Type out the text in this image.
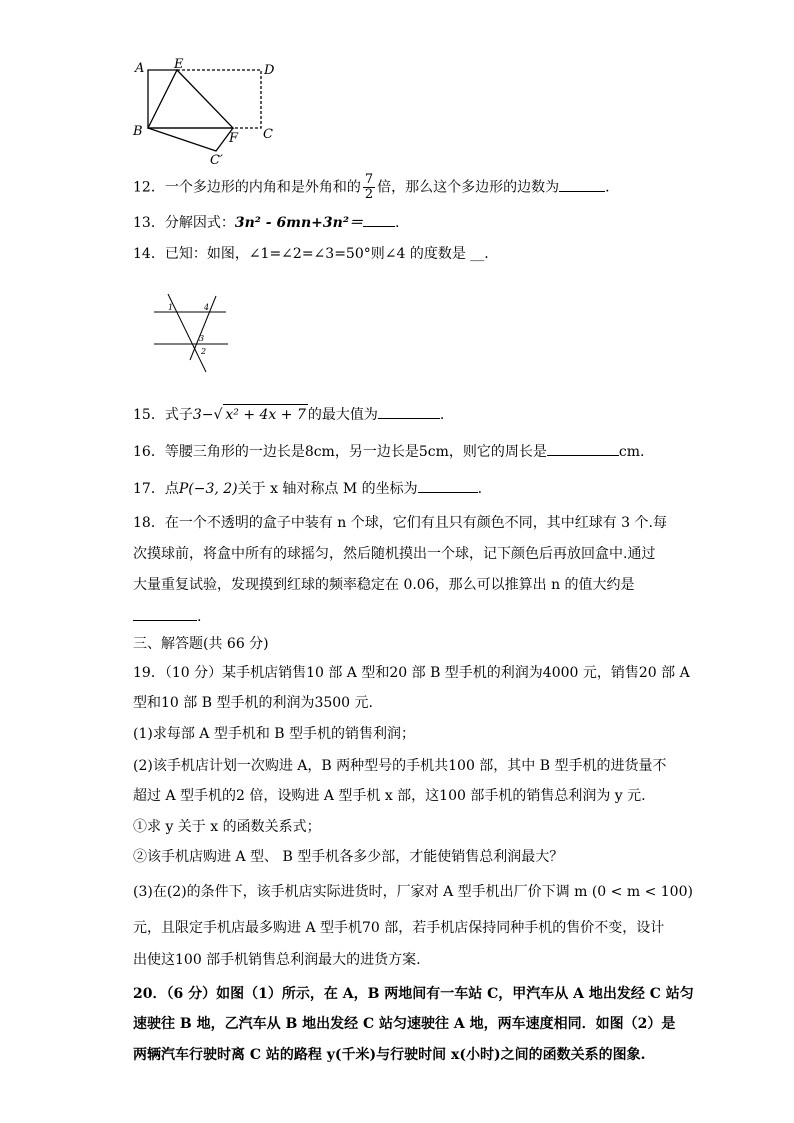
A E	D
B	F C
C′
12．一个多边形的内角和是外角和的 $\frac{7}{2}$ 倍，那么这个多边形的边数为	.
13．分解因式：3n² - 6mn+3n²＝ .
14．已知：如图，∠1=∠2=∠3=50°则∠4 的度数是 __.
1	4
3
2
15．式子3−√ x² + 4x + 7 的最大值为	.
16．等腰三角形的一边长是8cm，另一边长是5cm，则它的周长是	cm.
17．点P(−3, 2)关于 x 轴对称点 M 的坐标为	.
18．在一个不透明的盒子中装有 n 个球，它们有且只有颜色不同，其中红球有 3 个.每
次摸球前，将盒中所有的球摇匀，然后随机摸出一个球，记下颜色后再放回盒中.通过
大量重复试验，发现摸到红球的频率稳定在 0.06，那么可以推算出 n 的值大约是
.
三、解答题(共 66 分)
19．（10 分）某手机店销售10 部 A 型和20 部 B 型手机的利润为4000 元，销售20 部 A
型和10 部 B 型手机的利润为3500 元.
(1)求每部 A 型手机和 B 型手机的销售利润；
(2)该手机店计划一次购进 A，B 两种型号的手机共100 部，其中 B 型手机的进货量不
超过 A 型手机的2 倍，设购进 A 型手机 x 部，这100 部手机的销售总利润为 y 元.
①求 y 关于 x 的函数关系式；
②该手机店购进 A 型、 B 型手机各多少部，才能使销售总利润最大？
(3)在(2)的条件下，该手机店实际进货时，厂家对 A 型手机出厂价下调 m (0 < m < 100)
元，且限定手机店最多购进 A 型手机70 部，若手机店保持同种手机的售价不变，设计
出使这100 部手机销售总利润最大的进货方案.
20．（6 分）如图（1）所示，在 A，B 两地间有一车站 C，甲汽车从 A 地出发经 C 站匀
速驶往 B 地，乙汽车从 B 地出发经 C 站匀速驶往 A 地，两车速度相同．如图（2）是
两辆汽车行驶时离 C 站的路程 y(千米)与行驶时间 x(小时)之间的函数关系的图象.
